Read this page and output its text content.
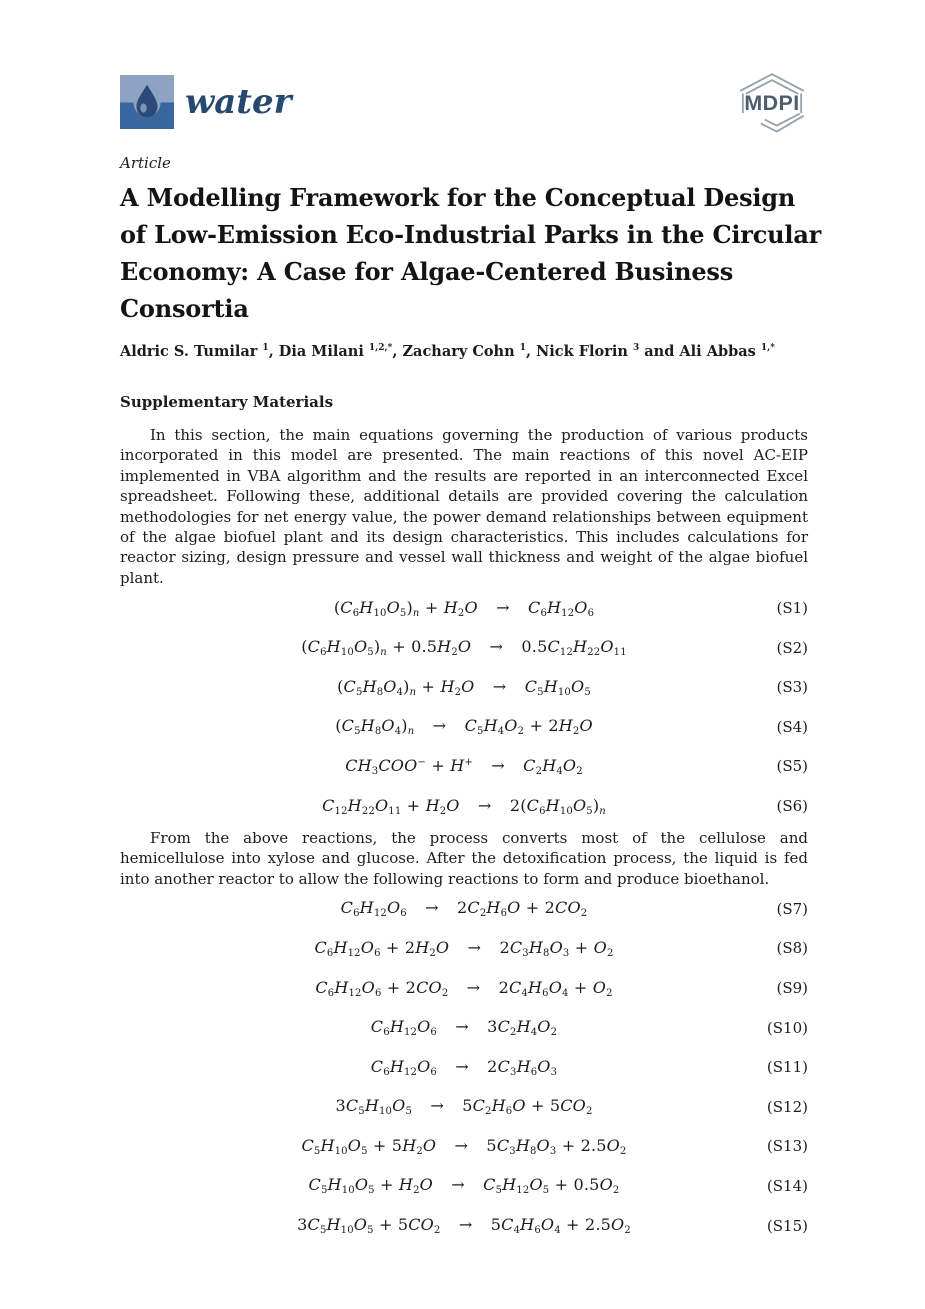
water	MDPI
Article
A Modelling Framework for the Conceptual Design
of Low-Emission Eco-Industrial Parks in the Circular
Economy: A Case for Algae-Centered Business
Consortia
Aldric S. Tumilar $^1$, Dia Milani $^{1,2,*}$, Zachary Cohn $^1$, Nick Florin $^3$ and Ali Abbas $^{1,*}$
Supplementary Materials
In this section, the main equations governing the production of various products incorporated in this model are presented. The main reactions of this novel AC-EIP implemented in VBA algorithm and the results are reported in an interconnected Excel spreadsheet. Following these, additional details are provided covering the calculation methodologies for net energy value, the power demand relationships between equipment of the algae biofuel plant and its design characteristics. This includes calculations for reactor sizing, design pressure and vessel wall thickness and weight of the algae biofuel plant.
$(C_6H_{10}O_5)_n + H_2O \to C_6H_{12}O_6$	(S1)
$(C_6H_{10}O_5)_n + 0.5H_2O \to 0.5C_{12}H_{22}O_{11}$	(S2)
$(C_5H_8O_4)_n + H_2O \to C_5H_{10}O_5$	(S3)
$(C_5H_8O_4)_n \to C_5H_4O_2 + 2H_2O$	(S4)
$CH_3COO^- + H^+ \to C_2H_4O_2$	(S5)
$C_{12}H_{22}O_{11} + H_2O \to 2(C_6H_{10}O_5)_n$	(S6)
From the above reactions, the process converts most of the cellulose and hemicellulose into xylose and glucose. After the detoxification process, the liquid is fed into another reactor to allow the following reactions to form and produce bioethanol.
$C_6H_{12}O_6 \to 2C_2H_6O + 2CO_2$	(S7)
$C_6H_{12}O_6 + 2H_2O \to 2C_3H_8O_3 + O_2$	(S8)
$C_6H_{12}O_6 + 2CO_2 \to 2C_4H_6O_4 + O_2$	(S9)
$C_6H_{12}O_6 \to 3C_2H_4O_2$	(S10)
$C_6H_{12}O_6 \to 2C_3H_6O_3$	(S11)
$3C_5H_{10}O_5 \to 5C_2H_6O + 5CO_2$	(S12)
$C_5H_{10}O_5 + 5H_2O \to 5C_3H_8O_3 + 2.5O_2$	(S13)
$C_5H_{10}O_5 + H_2O \to C_5H_{12}O_5 + 0.5O_2$	(S14)
$3C_5H_{10}O_5 + 5CO_2 \to 5C_4H_6O_4 + 2.5O_2$	(S15)
